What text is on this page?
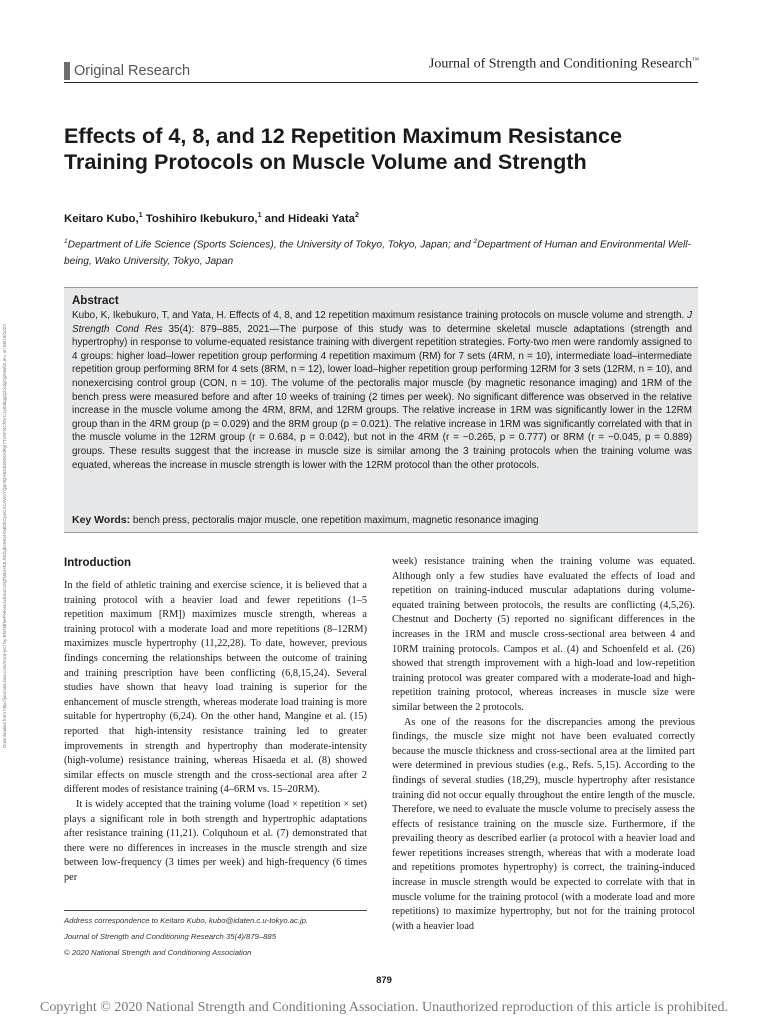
Downloaded from http://journals.lww.com/nsca-jscr by BhDMf5ePHKav1zEoum1tQfN4a+kJLhEZgbsIHo4XMi0hCywCX1AWnYQp/IlQrHD3i3D0OdRyi7TvSFl4Cf3VC1y0abggQZXdgGj2MwlZLeI= on 08/19/2022
Original Research	Journal of Strength and Conditioning Research™
Effects of 4, 8, and 12 Repetition Maximum Resistance Training Protocols on Muscle Volume and Strength

Keitaro Kubo,$^1$ Toshihiro Ikebukuro,$^1$ and Hideaki Yata$^2$

$^1$Department of Life Science (Sports Sciences), the University of Tokyo, Tokyo, Japan; and $^2$Department of Human and Environmental Well-being, Wako University, Tokyo, Japan

Abstract

Kubo, K, Ikebukuro, T, and Yata, H. Effects of 4, 8, and 12 repetition maximum resistance training protocols on muscle volume and strength. J Strength Cond Res 35(4): 879–885, 2021—The purpose of this study was to determine skeletal muscle adaptations (strength and hypertrophy) in response to volume-equated resistance training with divergent repetition strategies. Forty-two men were randomly assigned to 4 groups: higher load–lower repetition group performing 4 repetition maximum (RM) for 7 sets (4RM, n = 10), intermediate load–intermediate repetition group performing 8RM for 4 sets (8RM, n = 12), lower load–higher repetition group performing 12RM for 3 sets (12RM, n = 10), and nonexercising control group (CON, n = 10). The volume of the pectoralis major muscle (by magnetic resonance imaging) and 1RM of the bench press were measured before and after 10 weeks of training (2 times per week). No significant difference was observed in the relative increase in the muscle volume among the 4RM, 8RM, and 12RM groups. The relative increase in 1RM was significantly lower in the 12RM group than in the 4RM group (p = 0.029) and the 8RM group (p = 0.021). The relative increase in 1RM was significantly correlated with that in the muscle volume in the 12RM group (r = 0.684, p = 0.042), but not in the 4RM (r = −0.265, p = 0.777) or 8RM (r = −0.045, p = 0.889) groups. These results suggest that the increase in muscle size is similar among the 3 training protocols when the training volume was equated, whereas the increase in muscle strength is lower with the 12RM protocol than the other protocols.

Key Words: bench press, pectoralis major muscle, one repetition maximum, magnetic resonance imaging

Introduction

In the field of athletic training and exercise science, it is believed that a training protocol with a heavier load and fewer repetitions (1–5 repetition maximum [RM]) maximizes muscle strength, whereas a training protocol with a moderate load and more repetitions (8–12RM) maximizes muscle hypertrophy (11,22,28). To date, however, previous findings concerning the relationships between the outcome of training and training prescription have been conflicting (6,8,15,24). Several studies have shown that heavy load training is superior for the enhancement of muscle strength, whereas moderate load training is more suitable for hypertrophy (6,24). On the other hand, Mangine et al. (15) reported that high-intensity resistance training led to greater improvements in strength and hypertrophy than moderate-intensity (high-volume) resistance training, whereas Hisaeda et al. (8) showed similar effects on muscle strength and the cross-sectional area after 2 different modes of resistance training (4–6RM vs. 15–20RM).

It is widely accepted that the training volume (load × repetition × set) plays a significant role in both strength and hypertrophic adaptations after resistance training (11,21). Colquhoun et al. (7) demonstrated that there were no differences in increases in the muscle strength and size between low-frequency (3 times per week) and high-frequency (6 times per

week) resistance training when the training volume was equated. Although only a few studies have evaluated the effects of load and repetition on training-induced muscular adaptations during volume-equated training between protocols, the results are conflicting (4,5,26). Chestnut and Docherty (5) reported no significant differences in the increases in the 1RM and muscle cross-sectional area between 4 and 10RM training protocols. Campos et al. (4) and Schoenfeld et al. (26) showed that strength improvement with a high-load and low-repetition training protocol was greater compared with a moderate-load and high-repetition training protocol, whereas increases in muscle size were similar between the 2 protocols.

As one of the reasons for the discrepancies among the previous findings, the muscle size might not have been evaluated correctly because the muscle thickness and cross-sectional area at the limited part were determined in previous studies (e.g., Refs. 5,15). According to the findings of several studies (18,29), muscle hypertrophy after resistance training did not occur equally throughout the entire length of the muscle. Therefore, we need to evaluate the muscle volume to precisely assess the effects of resistance training on the muscle size. Furthermore, if the prevailing theory as described earlier (a protocol with a heavier load and fewer repetitions increases strength, whereas that with a moderate load and repetitions promotes hypertrophy) is correct, the training-induced increase in muscle strength would be expected to correlate with that in muscle volume for the training protocol (with a moderate load and more repetitions) to maximize hypertrophy, but not for the training protocol (with a heavier load

Address correspondence to Keitaro Kubo, kubo@idaten.c.u-tokyo.ac.jp.
Journal of Strength and Conditioning Research 35(4)/879–885
© 2020 National Strength and Conditioning Association
879
Copyright © 2020 National Strength and Conditioning Association. Unauthorized reproduction of this article is prohibited.
